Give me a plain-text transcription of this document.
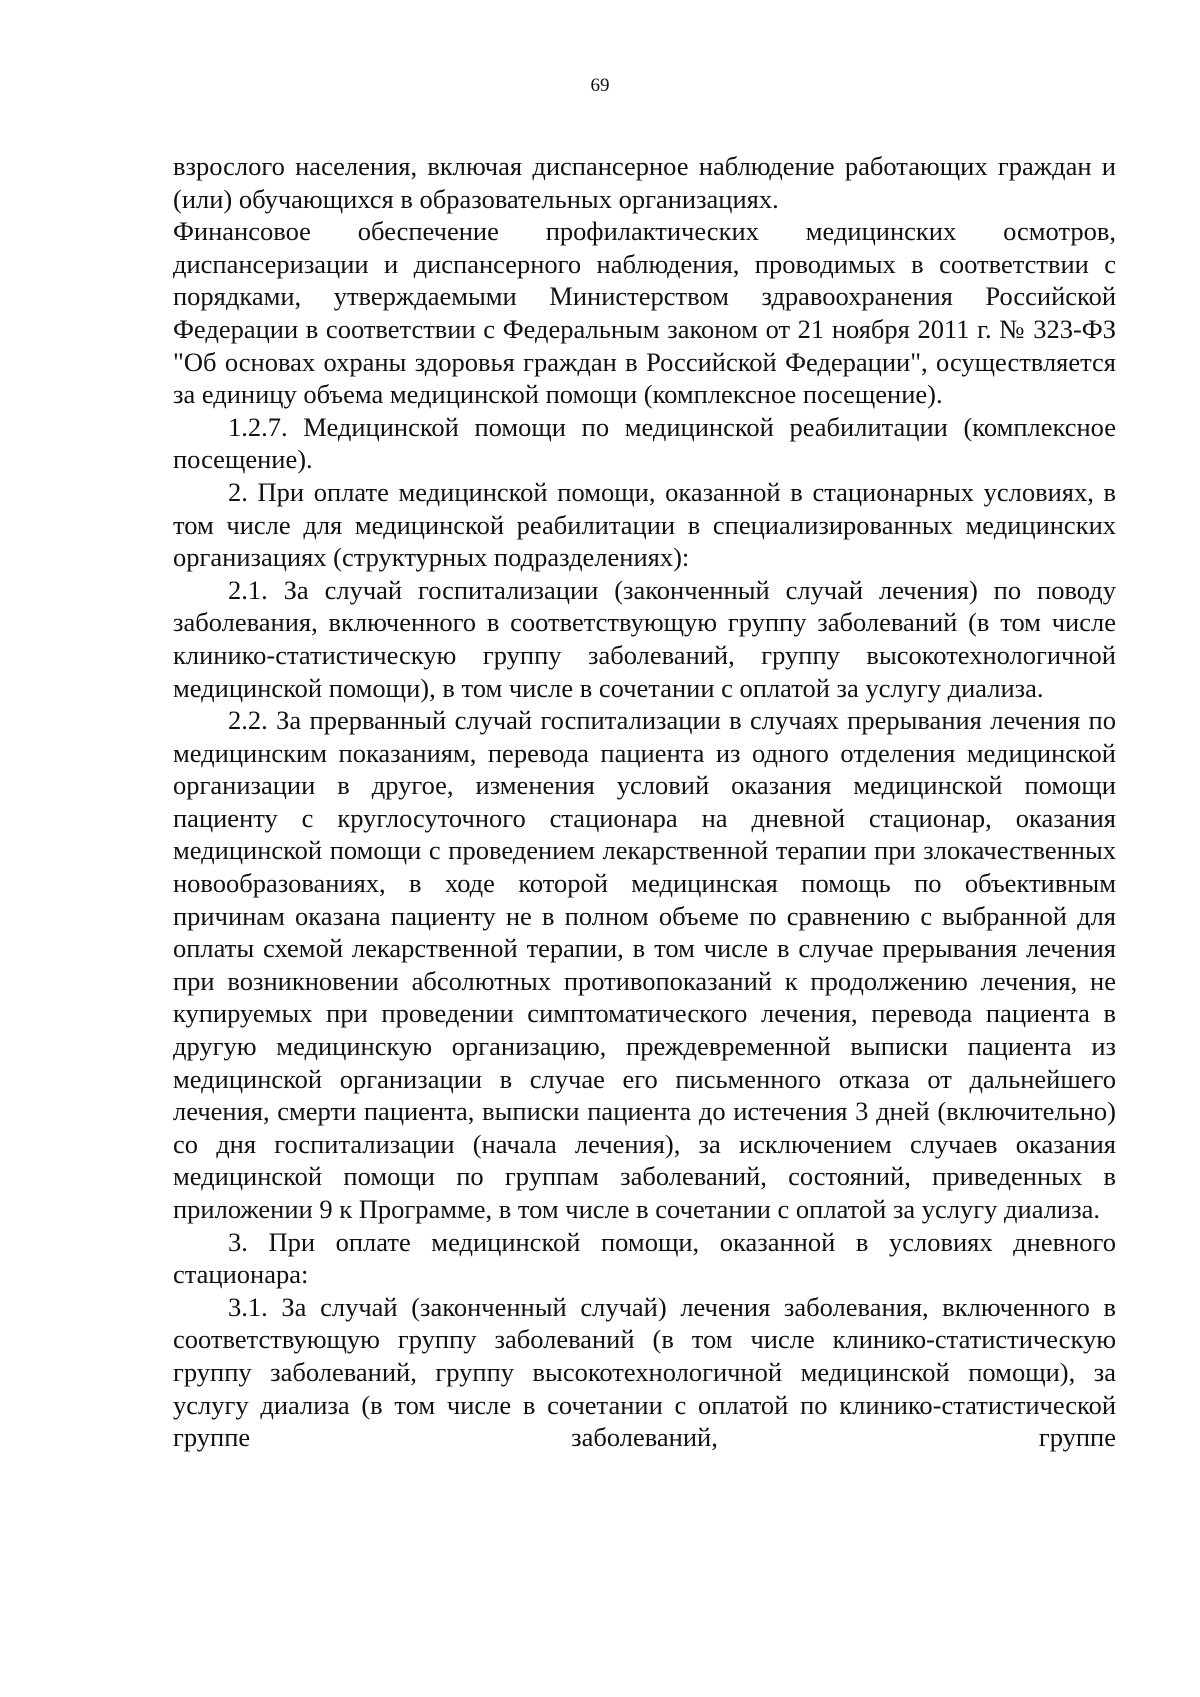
69

взрослого населения, включая диспансерное наблюдение работающих граждан и (или) обучающихся в образовательных организациях.

Финансовое обеспечение профилактических медицинских осмотров, диспансеризации и диспансерного наблюдения, проводимых в соответствии с порядками, утверждаемыми Министерством здравоохранения Российской Федерации в соответствии с Федеральным законом от 21 ноября 2011 г. № 323-ФЗ "Об основах охраны здоровья граждан в Российской Федерации", осуществляется за единицу объема медицинской помощи (комплексное посещение).

1.2.7. Медицинской помощи по медицинской реабилитации (комплексное посещение).

2. При оплате медицинской помощи, оказанной в стационарных условиях, в том числе для медицинской реабилитации в специализированных медицинских организациях (структурных подразделениях):

2.1. За случай госпитализации (законченный случай лечения) по поводу заболевания, включенного в соответствующую группу заболеваний (в том числе клинико-статистическую группу заболеваний, группу высокотехнологичной медицинской помощи), в том числе в сочетании с оплатой за услугу диализа.

2.2. За прерванный случай госпитализации в случаях прерывания лечения по медицинским показаниям, перевода пациента из одного отделения медицинской организации в другое, изменения условий оказания медицинской помощи пациенту с круглосуточного стационара на дневной стационар, оказания медицинской помощи с проведением лекарственной терапии при злокачественных новообразованиях, в ходе которой медицинская помощь по объективным причинам оказана пациенту не в полном объеме по сравнению с выбранной для оплаты схемой лекарственной терапии, в том числе в случае прерывания лечения при возникновении абсолютных противопоказаний к продолжению лечения, не купируемых при проведении симптоматического лечения, перевода пациента в другую медицинскую организацию, преждевременной выписки пациента из медицинской организации в случае его письменного отказа от дальнейшего лечения, смерти пациента, выписки пациента до истечения 3 дней (включительно) со дня госпитализации (начала лечения), за исключением случаев оказания медицинской помощи по группам заболеваний, состояний, приведенных в приложении 9 к Программе, в том числе в сочетании с оплатой за услугу диализа.

3. При оплате медицинской помощи, оказанной в условиях дневного стационара:

3.1. За случай (законченный случай) лечения заболевания, включенного в соответствующую группу заболеваний (в том числе клинико-статистическую группу заболеваний, группу высокотехнологичной медицинской помощи), за услугу диализа (в том числе в сочетании с оплатой по клинико-статистической группе заболеваний, группе
